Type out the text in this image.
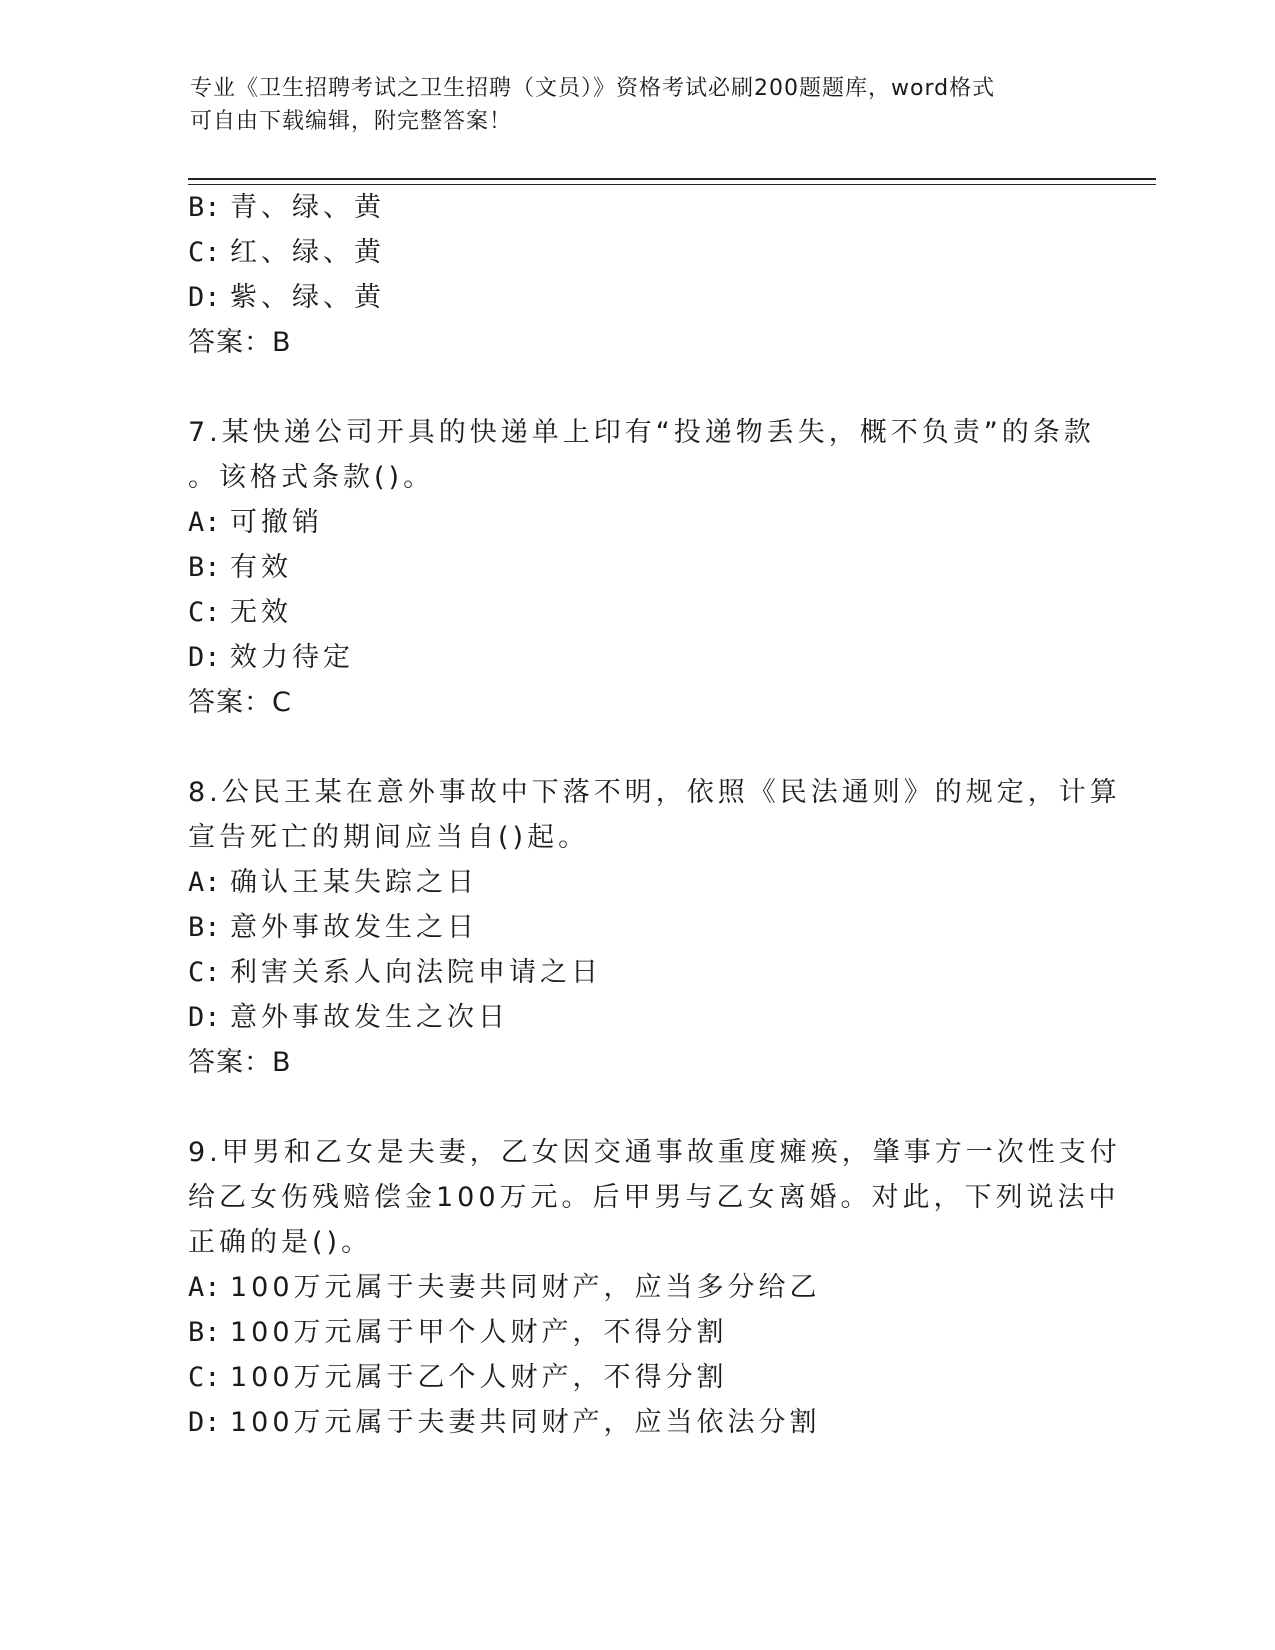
专业《卫生招聘考试之卫生招聘（文员）》资格考试必刷200题题库，word格式
可自由下载编辑，附完整答案！
B: 青、绿、黄
C: 红、绿、黄
D: 紫、绿、黄
答案：B
7.某快递公司开具的快递单上印有“投递物丢失，概不负责”的条款
。该格式条款()。
A: 可撤销
B: 有效
C: 无效
D: 效力待定
答案：C
8.公民王某在意外事故中下落不明，依照《民法通则》的规定，计算
宣告死亡的期间应当自()起。
A: 确认王某失踪之日
B: 意外事故发生之日
C: 利害关系人向法院申请之日
D: 意外事故发生之次日
答案：B
9.甲男和乙女是夫妻，乙女因交通事故重度瘫痪，肇事方一次性支付
给乙女伤残赔偿金100万元。后甲男与乙女离婚。对此，下列说法中
正确的是()。
A: 100万元属于夫妻共同财产，应当多分给乙
B: 100万元属于甲个人财产，不得分割
C: 100万元属于乙个人财产，不得分割
D: 100万元属于夫妻共同财产，应当依法分割
